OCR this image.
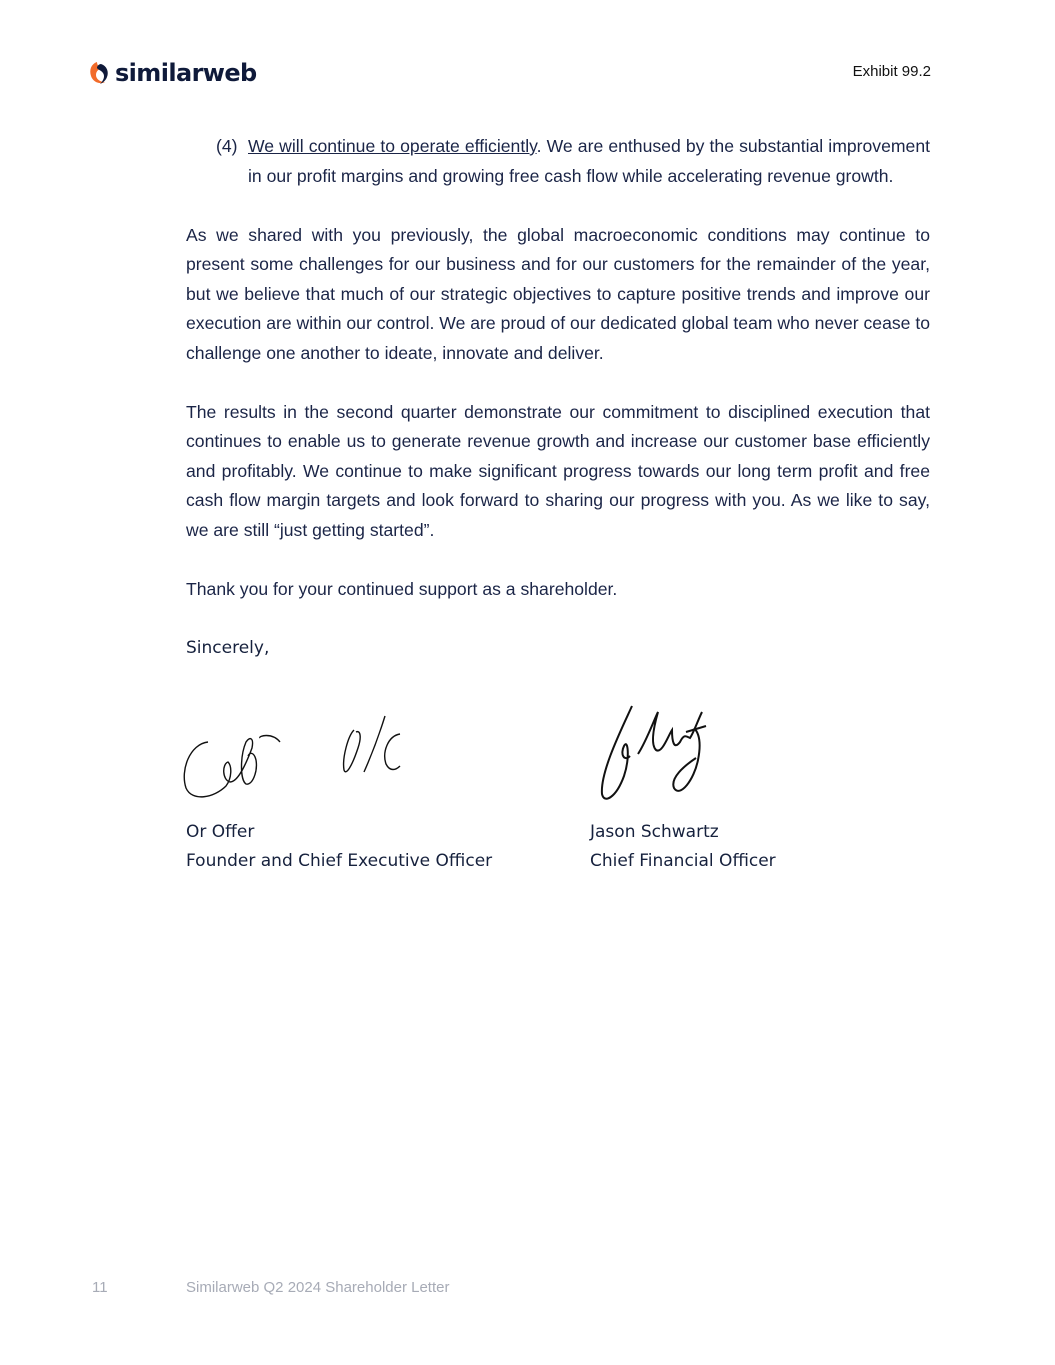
similarweb	Exhibit 99.2
(4) We will continue to operate efficiently. We are enthused by the substantial improvement in our profit margins and growing free cash flow while accelerating revenue growth.

As we shared with you previously, the global macroeconomic conditions may continue to present some challenges for our business and for our customers for the remainder of the year, but we believe that much of our strategic objectives to capture positive trends and improve our execution are within our control. We are proud of our dedicated global team who never cease to challenge one another to ideate, innovate and deliver.

The results in the second quarter demonstrate our commitment to disciplined execution that continues to enable us to generate revenue growth and increase our customer base efficiently and profitably. We continue to make significant progress towards our long term profit and free cash flow margin targets and look forward to sharing our progress with you. As we like to say, we are still “just getting started”.

Thank you for your continued support as a shareholder.

Sincerely,
Or Offer
Founder and Chief Executive Officer
Jason Schwartz
Chief Financial Officer
11	Similarweb Q2 2024 Shareholder Letter
